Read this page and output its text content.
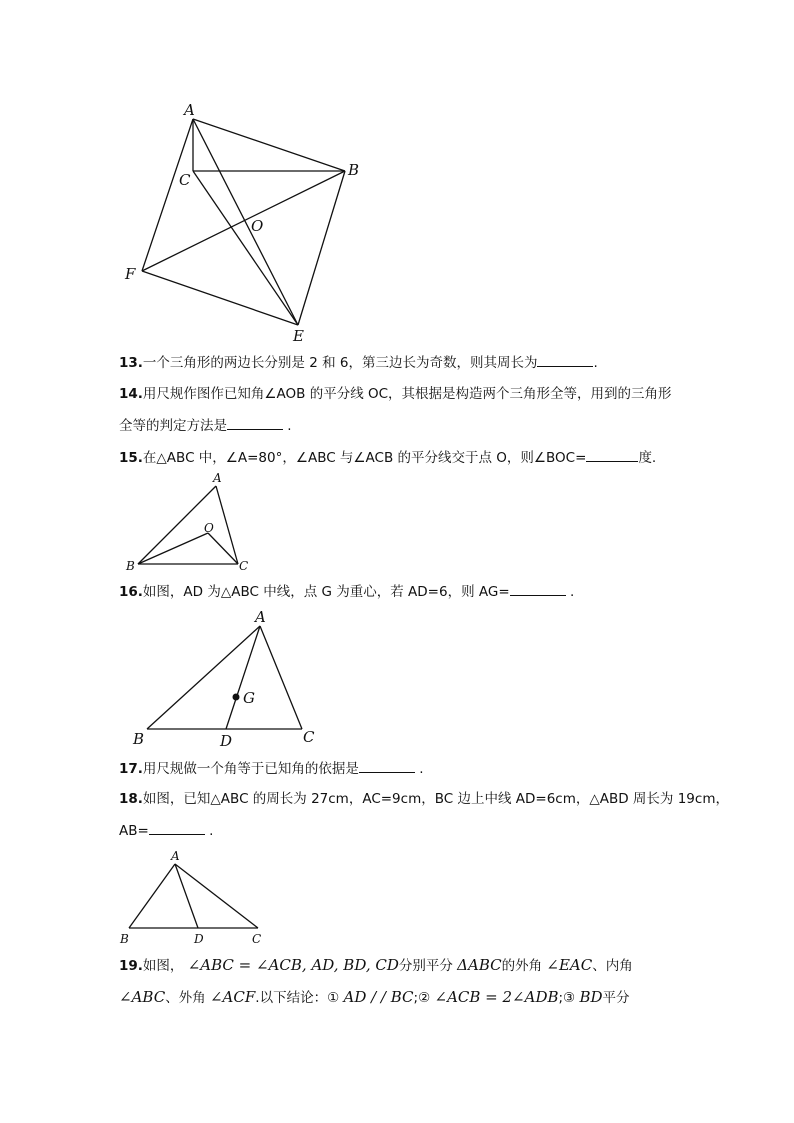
A
B
C
O
F
E
13.一个三角形的两边长分别是 2 和 6，第三边长为奇数，则其周长为	.
14.用尺规作图作已知角∠AOB 的平分线 OC，其根据是构造两个三角形全等，用到的三角形
全等的判定方法是	.
15.在△ABC 中，∠A=80°，∠ABC 与∠ACB 的平分线交于点 O，则∠BOC=	度.
A
B	C
O
16.如图，AD 为△ABC 中线，点 G 为重心，若 AD=6，则 AG=	.
A
B	C
D
G
17.用尺规做一个角等于已知角的依据是	.
18.如图，已知△ABC 的周长为 27cm，AC=9cm，BC 边上中线 AD=6cm，△ABD 周长为 19cm，
AB=	.
A
B	D	C
19.如图， ∠ABC = ∠ACB, AD, BD, CD分别平分 ΔABC的外角 ∠EAC、内角
∠ABC、外角 ∠ACF.以下结论：① AD / / BC;② ∠ACB = 2∠ADB;③ BD平分
